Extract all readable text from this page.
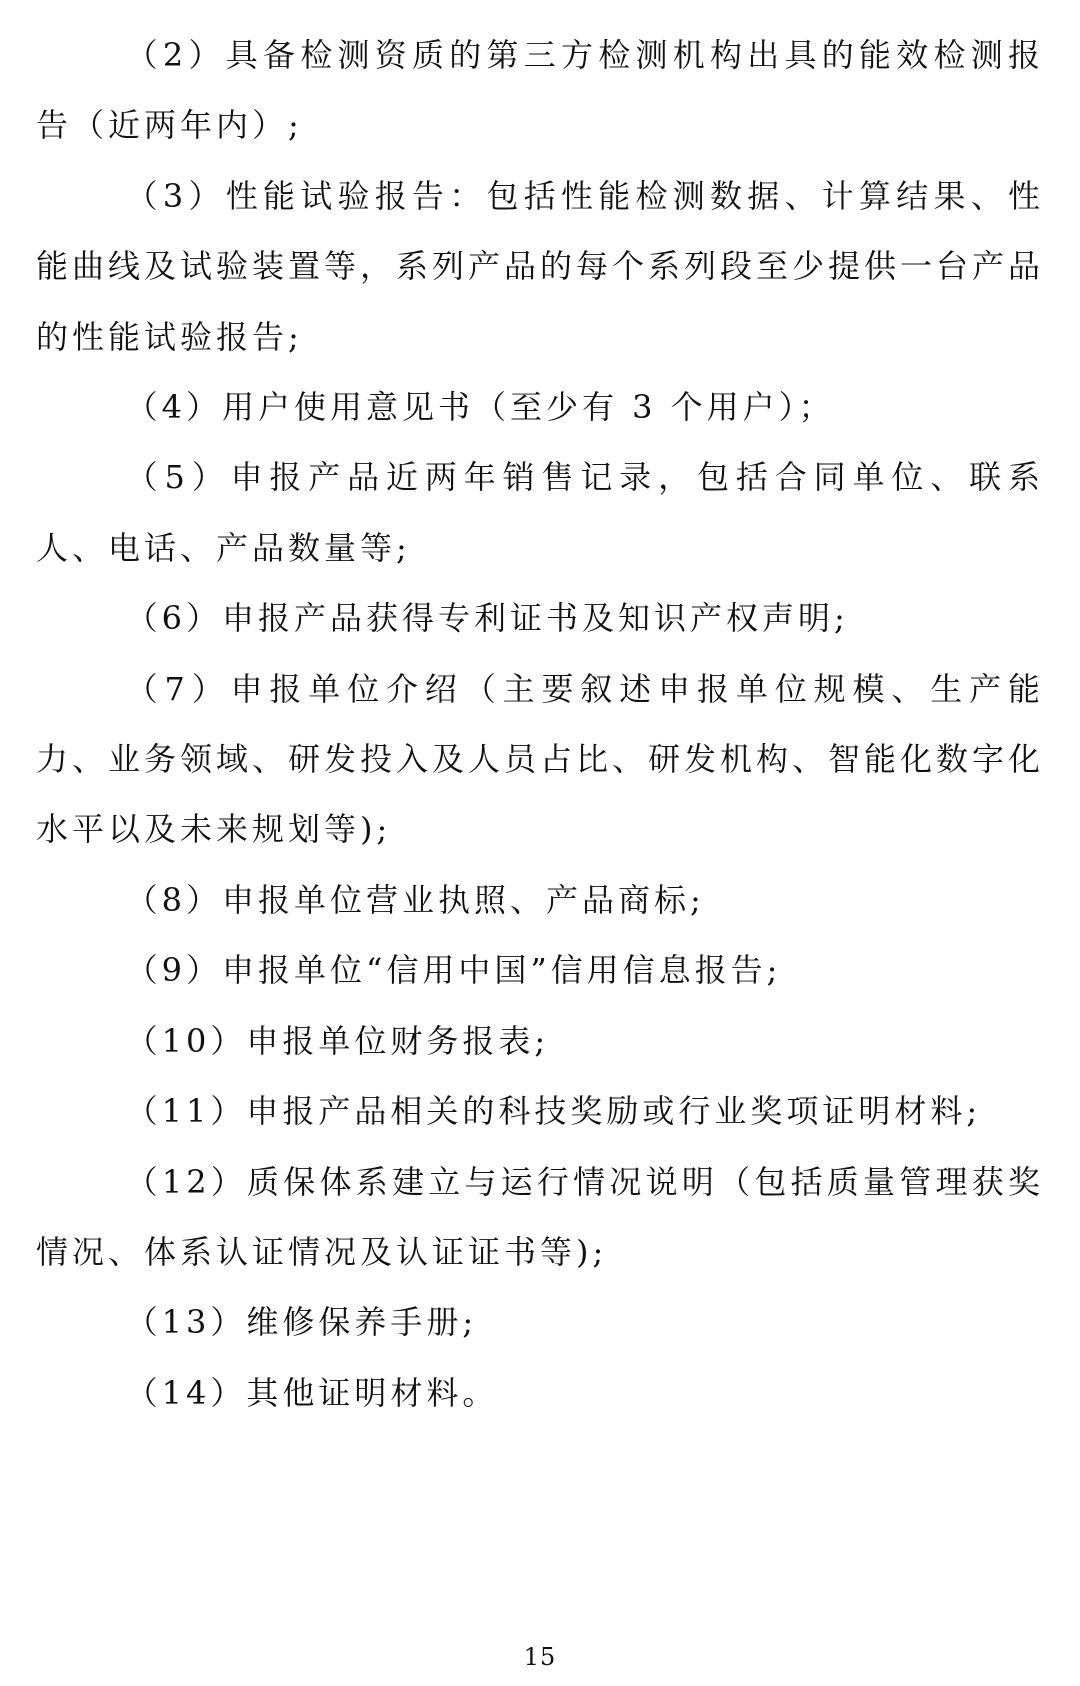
（2）具备检测资质的第三方检测机构出具的能效检测报告（近两年内）;

（3）性能试验报告：包括性能检测数据、计算结果、性能曲线及试验装置等，系列产品的每个系列段至少提供一台产品的性能试验报告;

（4）用户使用意见书（至少有 3 个用户）；

（5）申报产品近两年销售记录，包括合同单位、联系人、电话、产品数量等;

（6）申报产品获得专利证书及知识产权声明;

（7）申报单位介绍（主要叙述申报单位规模、生产能力、业务领域、研发投入及人员占比、研发机构、智能化数字化水平以及未来规划等);

（8）申报单位营业执照、产品商标;

（9）申报单位“信用中国”信用信息报告;

（10）申报单位财务报表;

（11）申报产品相关的科技奖励或行业奖项证明材料;

（12）质保体系建立与运行情况说明（包括质量管理获奖情况、体系认证情况及认证证书等);

（13）维修保养手册;

（14）其他证明材料。

15
